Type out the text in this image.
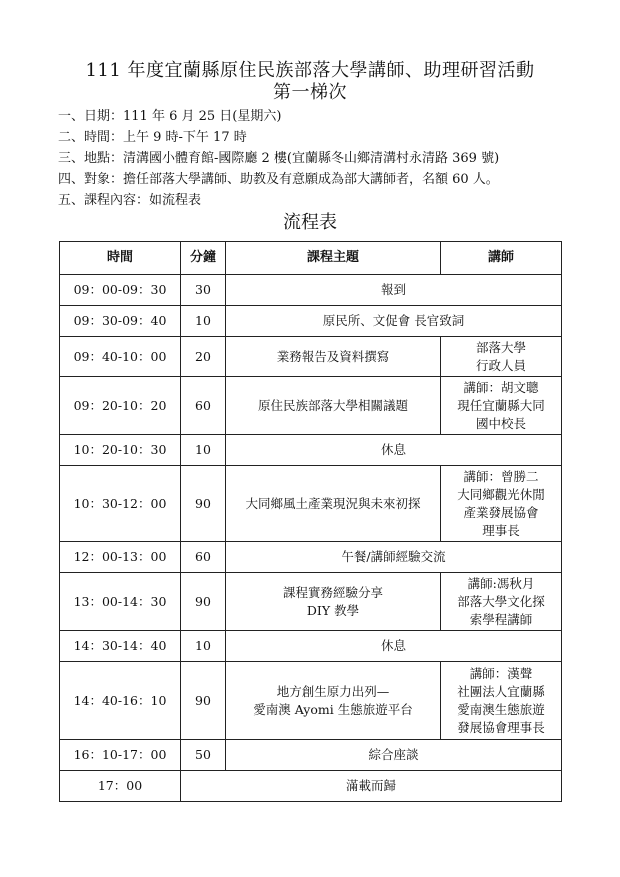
111 年度宜蘭縣原住民族部落大學講師、助理研習活動
第一梯次
一、日期：111 年 6 月 25 日(星期六)
二、時間：上午 9 時-下午 17 時
三、地點：清溝國小體育館-國際廳 2 樓(宜蘭縣冬山鄉清溝村永清路 369 號)
四、對象：擔任部落大學講師、助教及有意願成為部大講師者，名額 60 人。
五、課程內容：如流程表
流程表
時間	分鐘	課程主題	講師
09：00-09：30	30	報到	
09：30-09：40	10	原民所、文促會 長官致詞	
09：40-10：00	20	業務報告及資料撰寫	部落大學
行政人員

09：20-10：20	60	原住民族部落大學相關議題	講師：胡文聰
現任宜蘭縣大同
國中校長

10：20-10：30	10	休息	
10：30-12：00	90	大同鄉風土產業現況與未來初探	講師：曾勝二
大同鄉觀光休閒
產業發展協會
理事長

12：00-13：00	60	午餐/講師經驗交流	
13：00-14：30	90	課程實務經驗分享
DIY 教學	講師:馮秋月
部落大學文化探
索學程講師

14：30-14：40	10	休息	
14：40-16：10	90	地方創生原力出列—
愛南澳 Ayomi 生態旅遊平台	講師：漢聲
社團法人宜蘭縣
愛南澳生態旅遊
發展協會理事長

16：10-17：00	50	綜合座談	
17：00	滿載而歸		
